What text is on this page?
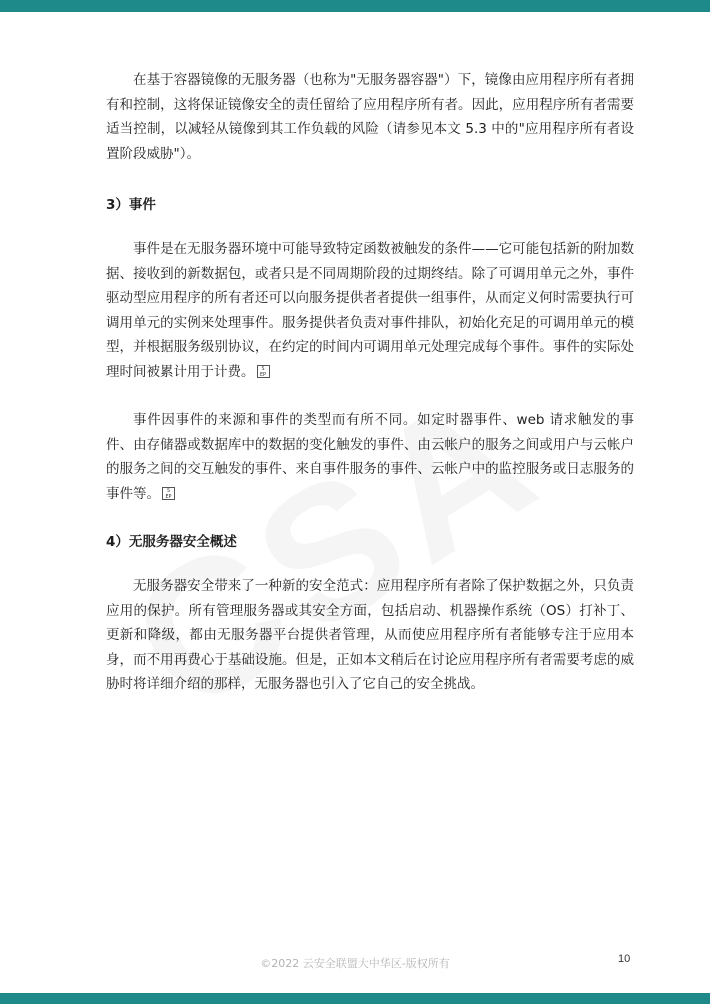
在基于容器镜像的无服务器（也称为"无服务器容器"）下，镜像由应用程序所有者拥有和控制，这将保证镜像安全的责任留给了应用程序所有者。因此，应用程序所有者需要适当控制，以减轻从镜像到其工作负载的风险（请参见本文 5.3 中的"应用程序所有者设置阶段威胁"）。

3）事件

事件是在无服务器环境中可能导致特定函数被触发的条件——它可能包括新的附加数据、接收到的新数据包，或者只是不同周期阶段的过期终结。除了可调用单元之外，事件驱动型应用程序的所有者还可以向服务提供者者提供一组事件，从而定义何时需要执行可调用单元的实例来处理事件。服务提供者负责对事件排队，初始化充足的可调用单元的模型，并根据服务级别协议，在约定的时间内可调用单元处理完成每个事件。事件的实际处理时间被累计用于计费。 S
EP

事件因事件的来源和事件的类型而有所不同。如定时器事件、web 请求触发的事件、由存储器或数据库中的数据的变化触发的事件、由云帐户的服务之间或用户与云帐户的服务之间的交互触发的事件、来自事件服务的事件、云帐户中的监控服务或日志服务的事件等。 S
EP

4）无服务器安全概述

无服务器安全带来了一种新的安全范式：应用程序所有者除了保护数据之外，只负责应用的保护。所有管理服务器或其安全方面，包括启动、机器操作系统（OS）打补丁、更新和降级，都由无服务器平台提供者管理，从而使应用程序所有者能够专注于应用本身，而不用再费心于基础设施。但是，正如本文稍后在讨论应用程序所有者需要考虑的威胁时将详细介绍的那样，无服务器也引入了它自己的安全挑战。

©2022 云安全联盟大中华区-版权所有	10
